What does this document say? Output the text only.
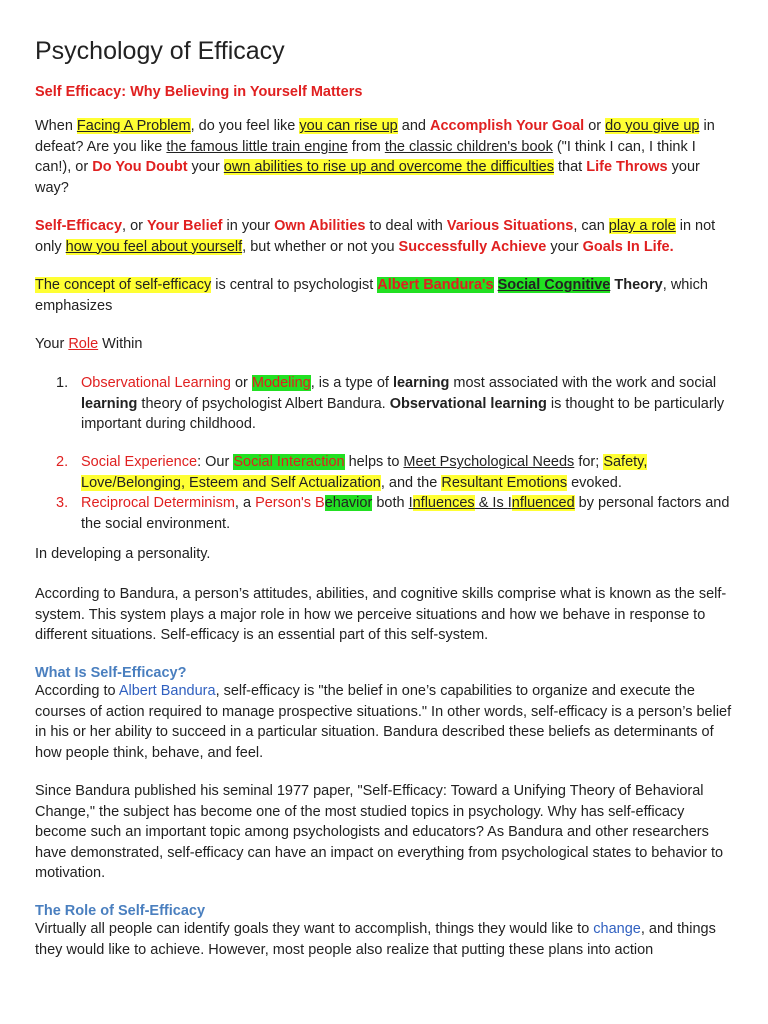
Psychology of Efficacy

Self Efficacy: Why Believing in Yourself Matters

When Facing A Problem, do you feel like you can rise up and Accomplish Your Goal or do you give up in defeat? Are you like the famous little train engine from the classic children's book ("I think I can, I think I can!), or Do You Doubt your own abilities to rise up and overcome the difficulties that Life Throws your way?

Self-Efficacy, or Your Belief in your Own Abilities to deal with Various Situations, can play a role in not only how you feel about yourself, but whether or not you Successfully Achieve your Goals In Life.

The concept of self-efficacy is central to psychologist Albert Bandura's Social Cognitive Theory, which emphasizes

Your Role Within

1. Observational Learning or Modeling, is a type of learning most associated with the work and social learning theory of psychologist Albert Bandura. Observational learning is thought to be particularly important during childhood.
2. Social Experience: Our Social Interaction helps to Meet Psychological Needs for; Safety, Love/Belonging, Esteem and Self Actualization, and the Resultant Emotions evoked.
3. Reciprocal Determinism, a Person's Behavior both Influences & Is Influenced by personal factors and the social environment.

In developing a personality.

According to Bandura, a person’s attitudes, abilities, and cognitive skills comprise what is known as the self-system. This system plays a major role in how we perceive situations and how we behave in response to different situations. Self-efficacy is an essential part of this self-system.

What Is Self-Efficacy?

According to Albert Bandura, self-efficacy is "the belief in one’s capabilities to organize and execute the courses of action required to manage prospective situations." In other words, self-efficacy is a person’s belief in his or her ability to succeed in a particular situation. Bandura described these beliefs as determinants of how people think, behave, and feel.

Since Bandura published his seminal 1977 paper, "Self-Efficacy: Toward a Unifying Theory of Behavioral Change," the subject has become one of the most studied topics in psychology. Why has self-efficacy become such an important topic among psychologists and educators? As Bandura and other researchers have demonstrated, self-efficacy can have an impact on everything from psychological states to behavior to motivation.

The Role of Self-Efficacy

Virtually all people can identify goals they want to accomplish, things they would like to change, and things they would like to achieve. However, most people also realize that putting these plans into action
